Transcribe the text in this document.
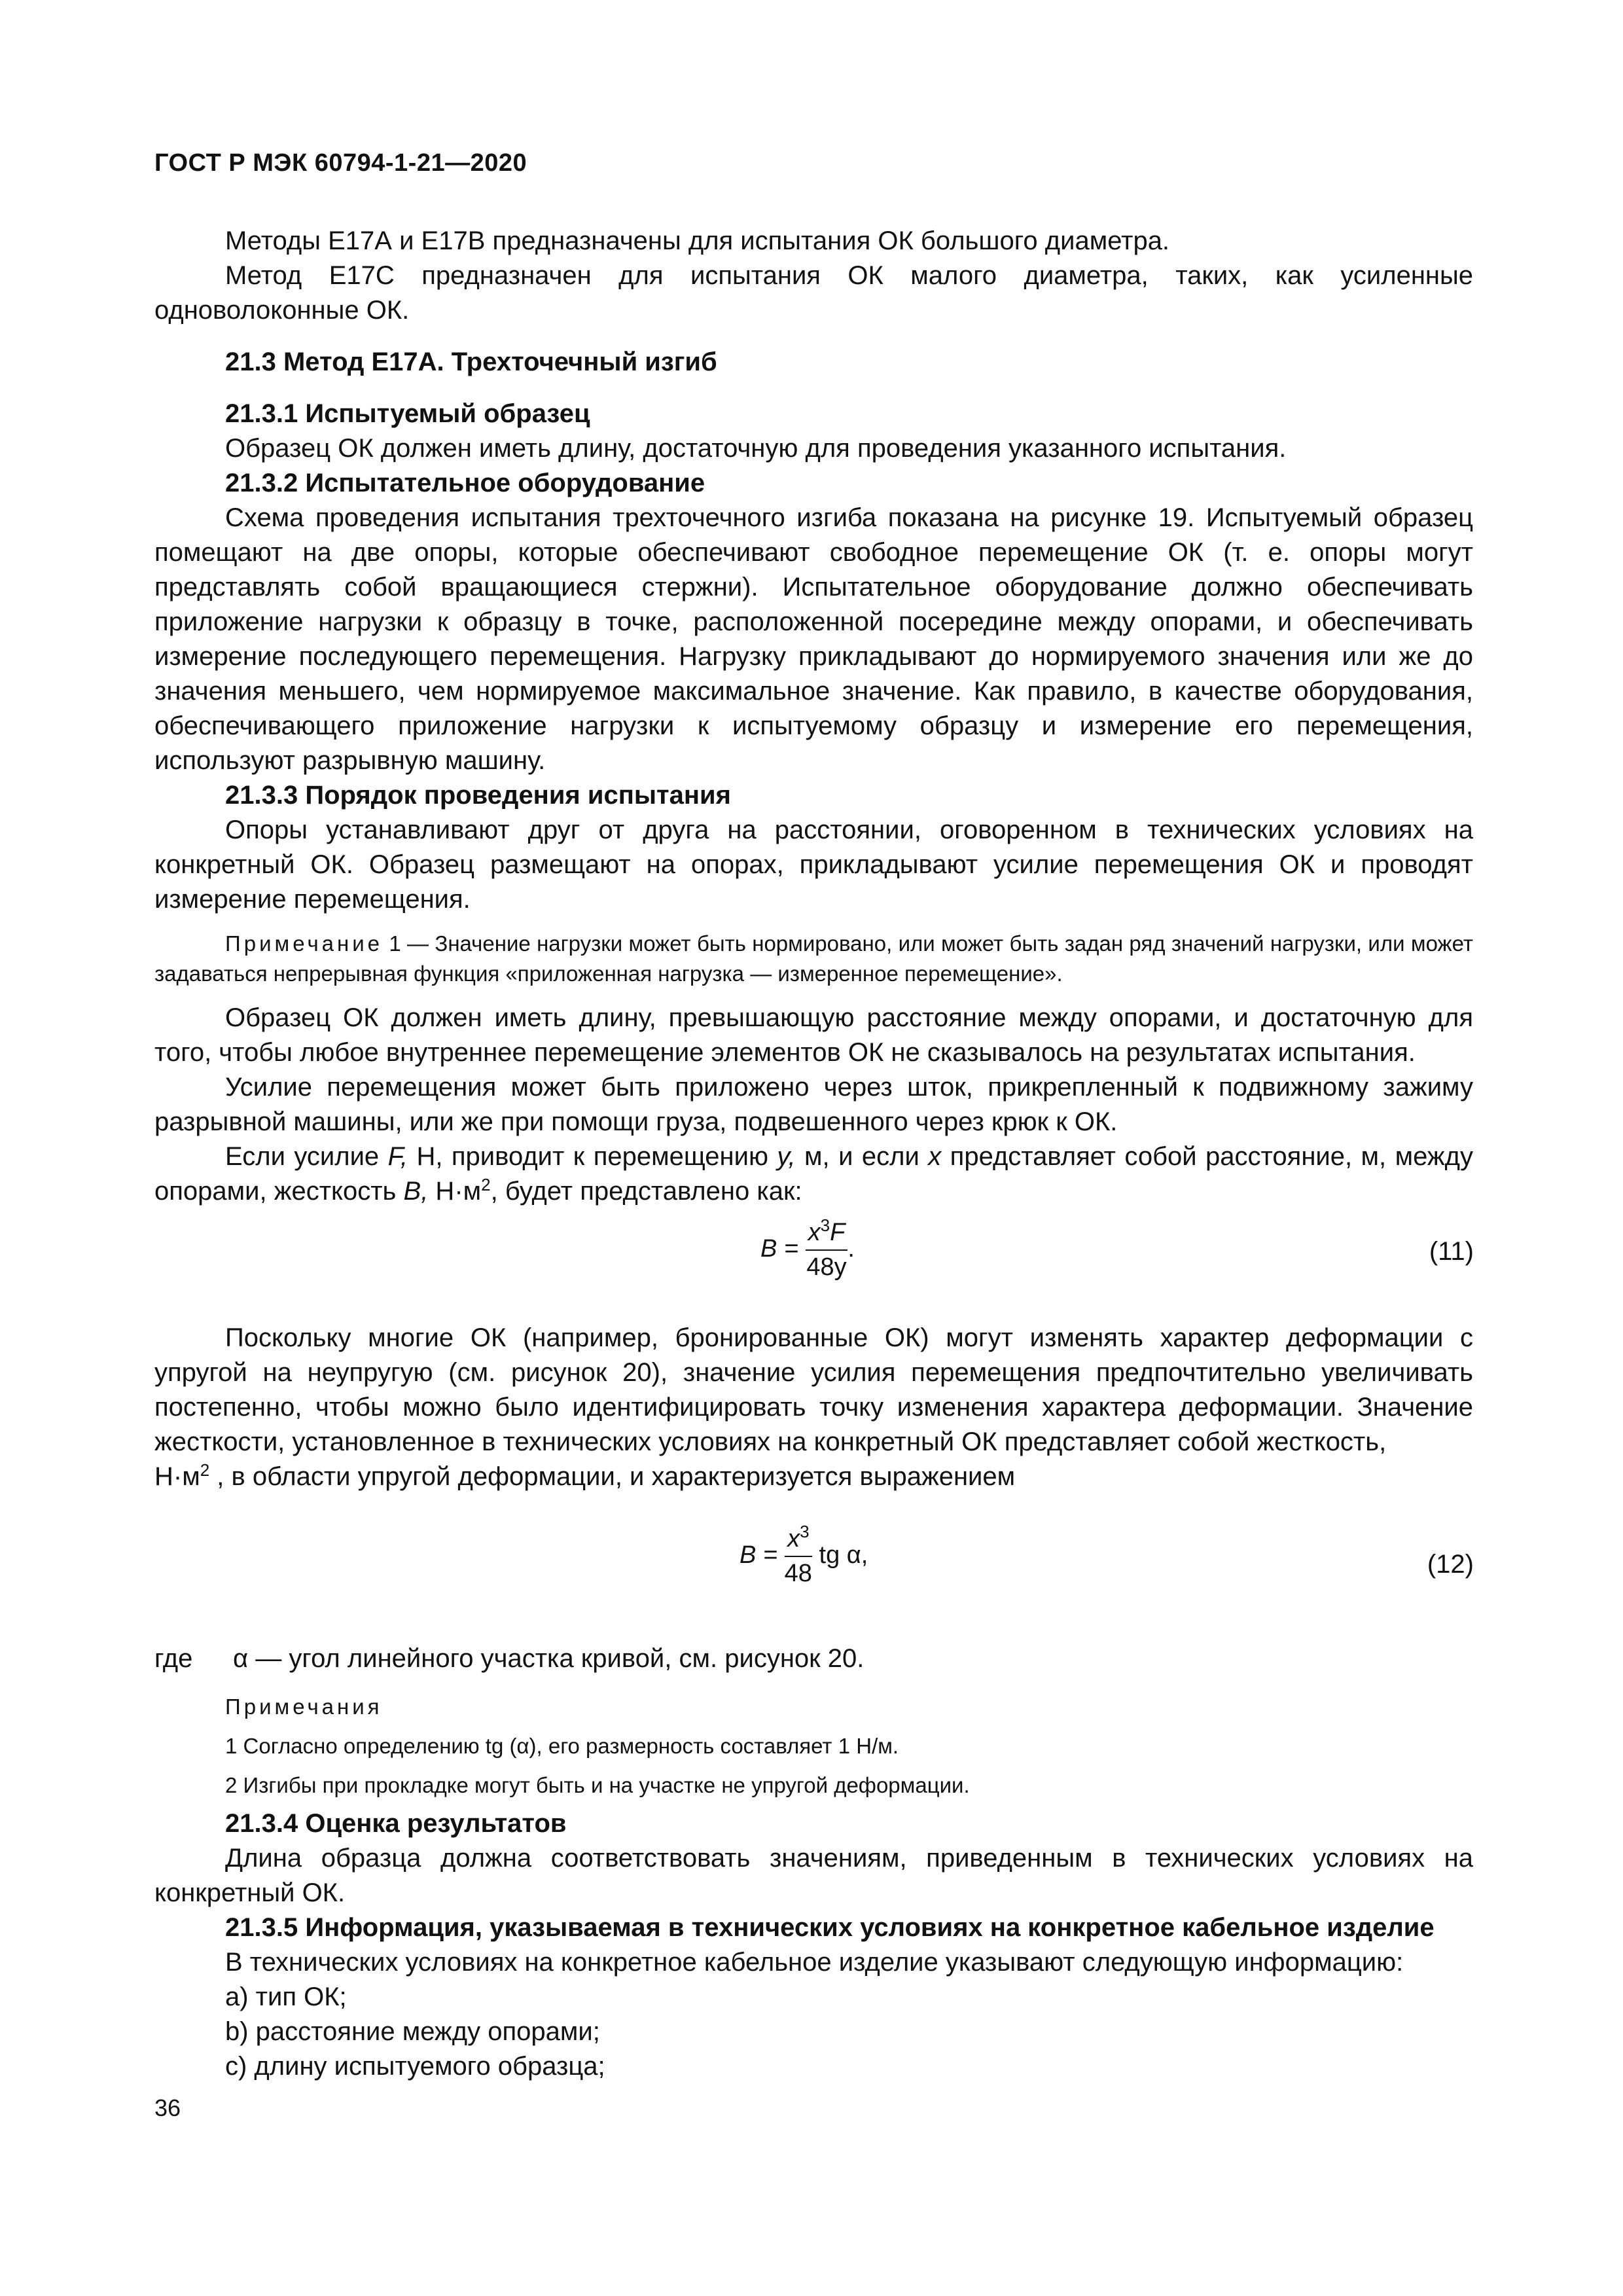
ГОСТ Р МЭК 60794-1-21—2020

Методы Е17А и Е17В предназначены для испытания ОК большого диаметра.

Метод Е17С предназначен для испытания ОК малого диаметра, таких, как усиленные одноволоконные ОК.

21.3 Метод Е17А. Трехточечный изгиб

21.3.1 Испытуемый образец

Образец ОК должен иметь длину, достаточную для проведения указанного испытания.

21.3.2 Испытательное оборудование

Схема проведения испытания трехточечного изгиба показана на рисунке 19. Испытуемый образец помещают на две опоры, которые обеспечивают свободное перемещение ОК (т. е. опоры могут представлять собой вращающиеся стержни). Испытательное оборудование должно обеспечивать приложение нагрузки к образцу в точке, расположенной посередине между опорами, и обеспечивать измерение последующего перемещения. Нагрузку прикладывают до нормируемого значения или же до значения меньшего, чем нормируемое максимальное значение. Как правило, в качестве оборудования, обеспечивающего приложение нагрузки к испытуемому образцу и измерение его перемещения, используют разрывную машину.

21.3.3 Порядок проведения испытания

Опоры устанавливают друг от друга на расстоянии, оговоренном в технических условиях на конкретный ОК. Образец размещают на опорах, прикладывают усилие перемещения ОК и проводят измерение перемещения.

Примечание 1 — Значение нагрузки может быть нормировано, или может быть задан ряд значений нагрузки, или может задаваться непрерывная функция «приложенная нагрузка — измеренное перемещение».

Образец ОК должен иметь длину, превышающую расстояние между опорами, и достаточную для того, чтобы любое внутреннее перемещение элементов ОК не сказывалось на результатах испытания.

Усилие перемещения может быть приложено через шток, прикрепленный к подвижному зажиму разрывной машины, или же при помощи груза, подвешенного через крюк к ОК.

Если усилие F, Н, приводит к перемещению y, м, и если x представляет собой расстояние, м, между опорами, жесткость B, $Н\cdot м^2$, будет представлено как:

$B = \frac{x^3F}{48y}$ .	(11)

Поскольку многие ОК (например, бронированные ОК) могут изменять характер деформации с упругой на неупругую (см. рисунок 20), значение усилия перемещения предпочтительно увеличивать постепенно, чтобы можно было идентифицировать точку изменения характера деформации. Значение жесткости, установленное в технических условиях на конкретный ОК представляет собой жесткость,

$Н\cdot м^2$ , в области упругой деформации, и характеризуется выражением

$B = \frac{x^3}{48}$ tg α,	(12)

где α — угол линейного участка кривой, см. рисунок 20.

Примечания

1 Согласно определению tg (α), его размерность составляет 1 Н/м.

2 Изгибы при прокладке могут быть и на участке не упругой деформации.

21.3.4 Оценка результатов

Длина образца должна соответствовать значениям, приведенным в технических условиях на конкретный ОК.

21.3.5 Информация, указываемая в технических условиях на конкретное кабельное изделие

В технических условиях на конкретное кабельное изделие указывают следующую информацию:

a) тип ОК;

b) расстояние между опорами;

c) длину испытуемого образца;

36
